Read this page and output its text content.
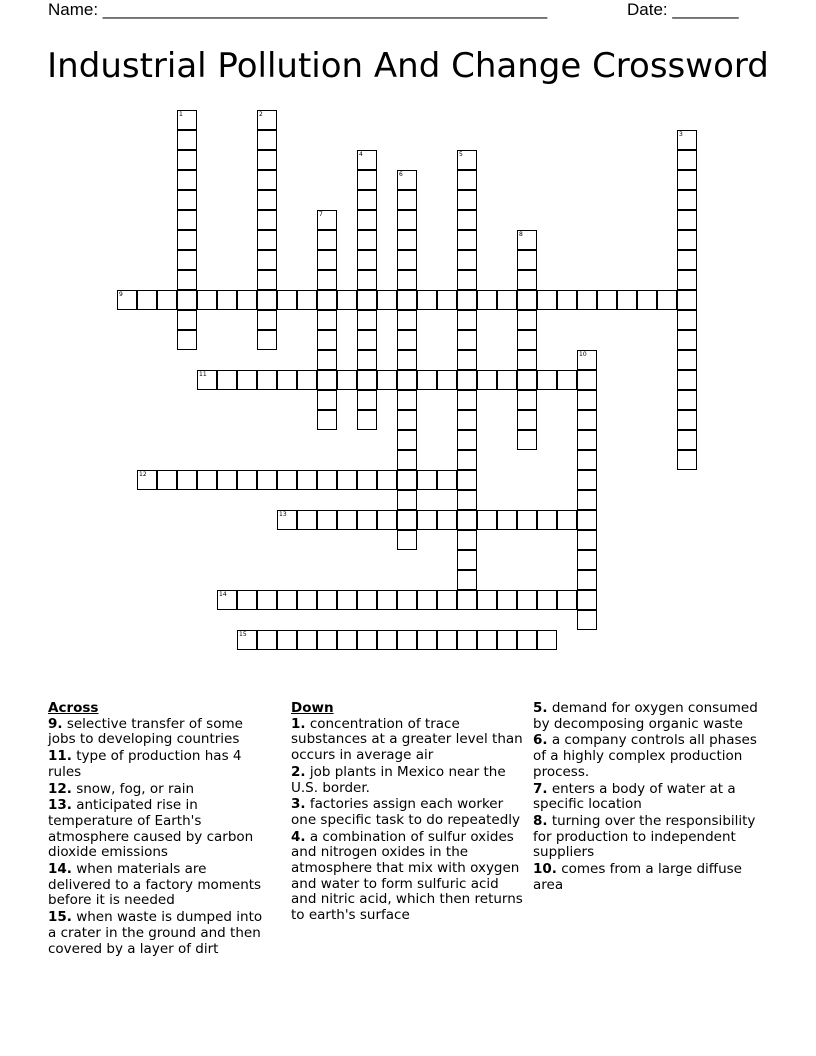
Name: _______________________________________________	Date: _______
Industrial Pollution And Change Crossword
1	2
3
4	5
6
7
8
9
10
11
12
13
14
15
Across
9. selective transfer of some jobs to developing countries
11. type of production has 4 rules
12. snow, fog, or rain
13. anticipated rise in temperature of Earth's atmosphere caused by carbon dioxide emissions
14. when materials are delivered to a factory moments before it is needed
15. when waste is dumped into a crater in the ground and then covered by a layer of dirt
Down
1. concentration of trace substances at a greater level than occurs in average air
2. job plants in Mexico near the U.S. border.
3. factories assign each worker one specific task to do repeatedly
4. a combination of sulfur oxides and nitrogen oxides in the atmosphere that mix with oxygen and water to form sulfuric acid and nitric acid, which then returns to earth's surface
5. demand for oxygen consumed by decomposing organic waste
6. a company controls all phases of a highly complex production process.
7. enters a body of water at a specific location
8. turning over the responsibility for production to independent suppliers
10. comes from a large diffuse area
